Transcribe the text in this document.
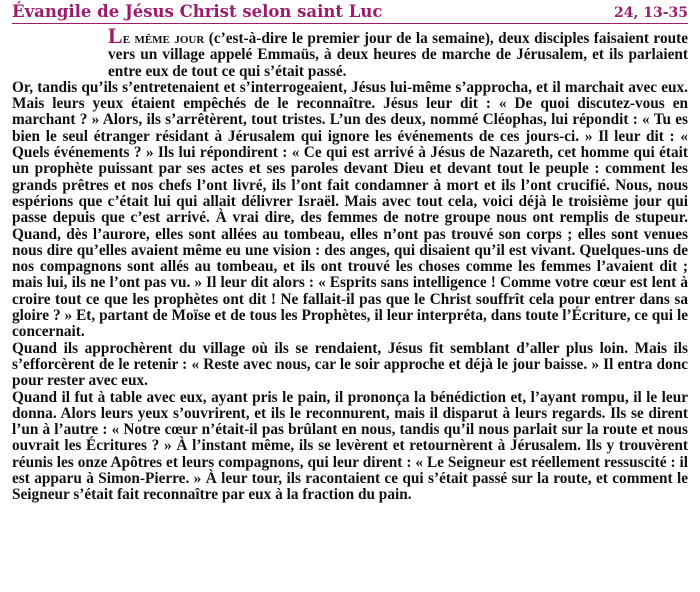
Évangile de Jésus Christ selon saint Luc	24, 13-35

Le même jour (c’est-à-dire le premier jour de la semaine), deux disciples faisaient route vers un village appelé Emmaüs, à deux heures de marche de Jérusalem, et ils parlaient entre eux de tout ce qui s’était passé.

Or, tandis qu’ils s’entretenaient et s’interrogeaient, Jésus lui-même s’approcha, et il marchait avec eux. Mais leurs yeux étaient empêchés de le reconnaître. Jésus leur dit : « De quoi discutez-vous en marchant ? » Alors, ils s’arrêtèrent, tout tristes. L’un des deux, nommé Cléophas, lui répondit : « Tu es bien le seul étranger résidant à Jérusalem qui ignore les événements de ces jours-ci. » Il leur dit : « Quels événements ? » Ils lui répondirent : « Ce qui est arrivé à Jésus de Nazareth, cet homme qui était un prophète puissant par ses actes et ses paroles devant Dieu et devant tout le peuple : comment les grands prêtres et nos chefs l’ont livré, ils l’ont fait condamner à mort et ils l’ont crucifié. Nous, nous espérions que c’était lui qui allait délivrer Israël. Mais avec tout cela, voici déjà le troisième jour qui passe depuis que c’est arrivé. À vrai dire, des femmes de notre groupe nous ont remplis de stupeur. Quand, dès l’aurore, elles sont allées au tombeau, elles n’ont pas trouvé son corps ; elles sont venues nous dire qu’elles avaient même eu une vision : des anges, qui disaient qu’il est vivant. Quelques-uns de nos compagnons sont allés au tombeau, et ils ont trouvé les choses comme les femmes l’avaient dit ; mais lui, ils ne l’ont pas vu. » Il leur dit alors : « Esprits sans intelligence ! Comme votre cœur est lent à croire tout ce que les prophètes ont dit ! Ne fallait-il pas que le Christ souffrît cela pour entrer dans sa gloire ? » Et, partant de Moïse et de tous les Prophètes, il leur interpréta, dans toute l’Écriture, ce qui le concernait.

Quand ils approchèrent du village où ils se rendaient, Jésus fit semblant d’aller plus loin. Mais ils s’efforcèrent de le retenir : « Reste avec nous, car le soir approche et déjà le jour baisse. » Il entra donc pour rester avec eux.

Quand il fut à table avec eux, ayant pris le pain, il prononça la bénédiction et, l’ayant rompu, il le leur donna. Alors leurs yeux s’ouvrirent, et ils le reconnurent, mais il disparut à leurs regards. Ils se dirent l’un à l’autre : « Notre cœur n’était-il pas brûlant en nous, tandis qu’il nous parlait sur la route et nous ouvrait les Écritures ? » À l’instant même, ils se levèrent et retournèrent à Jérusalem. Ils y trouvèrent réunis les onze Apôtres et leurs compagnons, qui leur dirent : « Le Seigneur est réellement ressuscité : il est apparu à Simon-Pierre. » À leur tour, ils racontaient ce qui s’était passé sur la route, et comment le Seigneur s’était fait reconnaître par eux à la fraction du pain.
